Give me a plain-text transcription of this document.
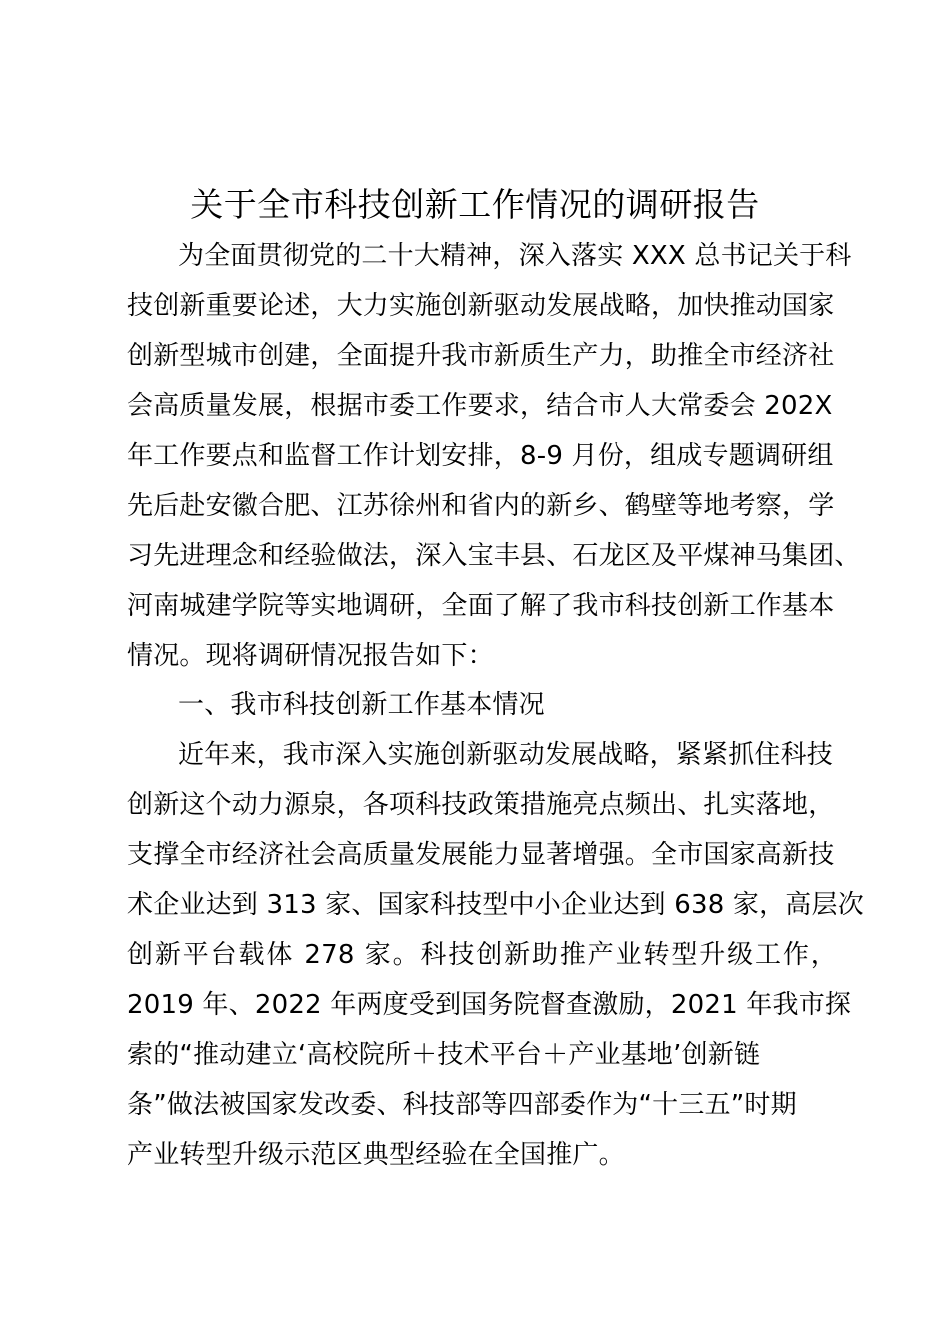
关于全市科技创新工作情况的调研报告
为全面贯彻党的二十大精神，深入落实 XXX 总书记关于科
技创新重要论述，大力实施创新驱动发展战略，加快推动国家
创新型城市创建，全面提升我市新质生产力，助推全市经济社
会高质量发展，根据市委工作要求，结合市人大常委会 202X
年工作要点和监督工作计划安排，8-9 月份，组成专题调研组
先后赴安徽合肥、江苏徐州和省内的新乡、鹤壁等地考察，学
习先进理念和经验做法，深入宝丰县、石龙区及平煤神马集团、
河南城建学院等实地调研，全面了解了我市科技创新工作基本
情况。现将调研情况报告如下：
一、我市科技创新工作基本情况
近年来，我市深入实施创新驱动发展战略，紧紧抓住科技
创新这个动力源泉，各项科技政策措施亮点频出、扎实落地，
支撑全市经济社会高质量发展能力显著增强。全市国家高新技
术企业达到 313 家、国家科技型中小企业达到 638 家，高层次
创新平台载体 278 家。科技创新助推产业转型升级工作，
2019 年、2022 年两度受到国务院督查激励，2021 年我市探
索的“推动建立‘高校院所＋技术平台＋产业基地’创新链
条”做法被国家发改委、科技部等四部委作为“十三五”时期
产业转型升级示范区典型经验在全国推广。
